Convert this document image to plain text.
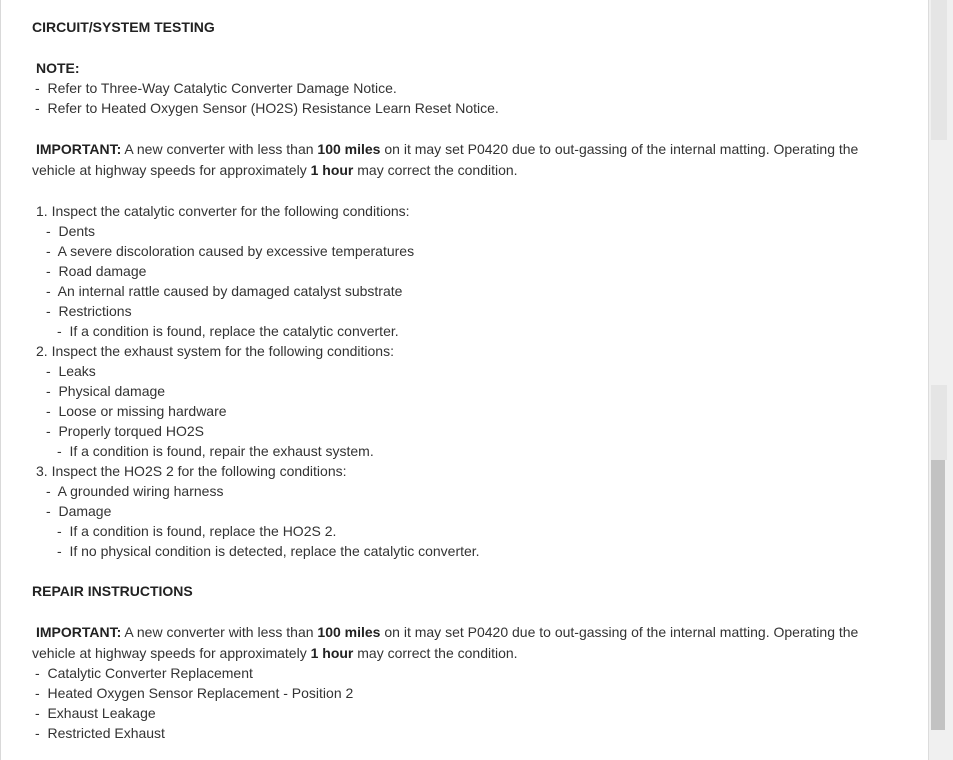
CIRCUIT/SYSTEM TESTING
NOTE:
-  Refer to Three-Way Catalytic Converter Damage Notice.
-  Refer to Heated Oxygen Sensor (HO2S) Resistance Learn Reset Notice.
IMPORTANT: A new converter with less than 100 miles on it may set P0420 due to out-gassing of the internal matting. Operating the
vehicle at highway speeds for approximately 1 hour may correct the condition.
1. Inspect the catalytic converter for the following conditions:
-  Dents
-  A severe discoloration caused by excessive temperatures
-  Road damage
-  An internal rattle caused by damaged catalyst substrate
-  Restrictions
-  If a condition is found, replace the catalytic converter.
2. Inspect the exhaust system for the following conditions:
-  Leaks
-  Physical damage
-  Loose or missing hardware
-  Properly torqued HO2S
-  If a condition is found, repair the exhaust system.
3. Inspect the HO2S 2 for the following conditions:
-  A grounded wiring harness
-  Damage
-  If a condition is found, replace the HO2S 2.
-  If no physical condition is detected, replace the catalytic converter.
REPAIR INSTRUCTIONS
IMPORTANT: A new converter with less than 100 miles on it may set P0420 due to out-gassing of the internal matting. Operating the
vehicle at highway speeds for approximately 1 hour may correct the condition.
-  Catalytic Converter Replacement
-  Heated Oxygen Sensor Replacement - Position 2
-  Exhaust Leakage
-  Restricted Exhaust
